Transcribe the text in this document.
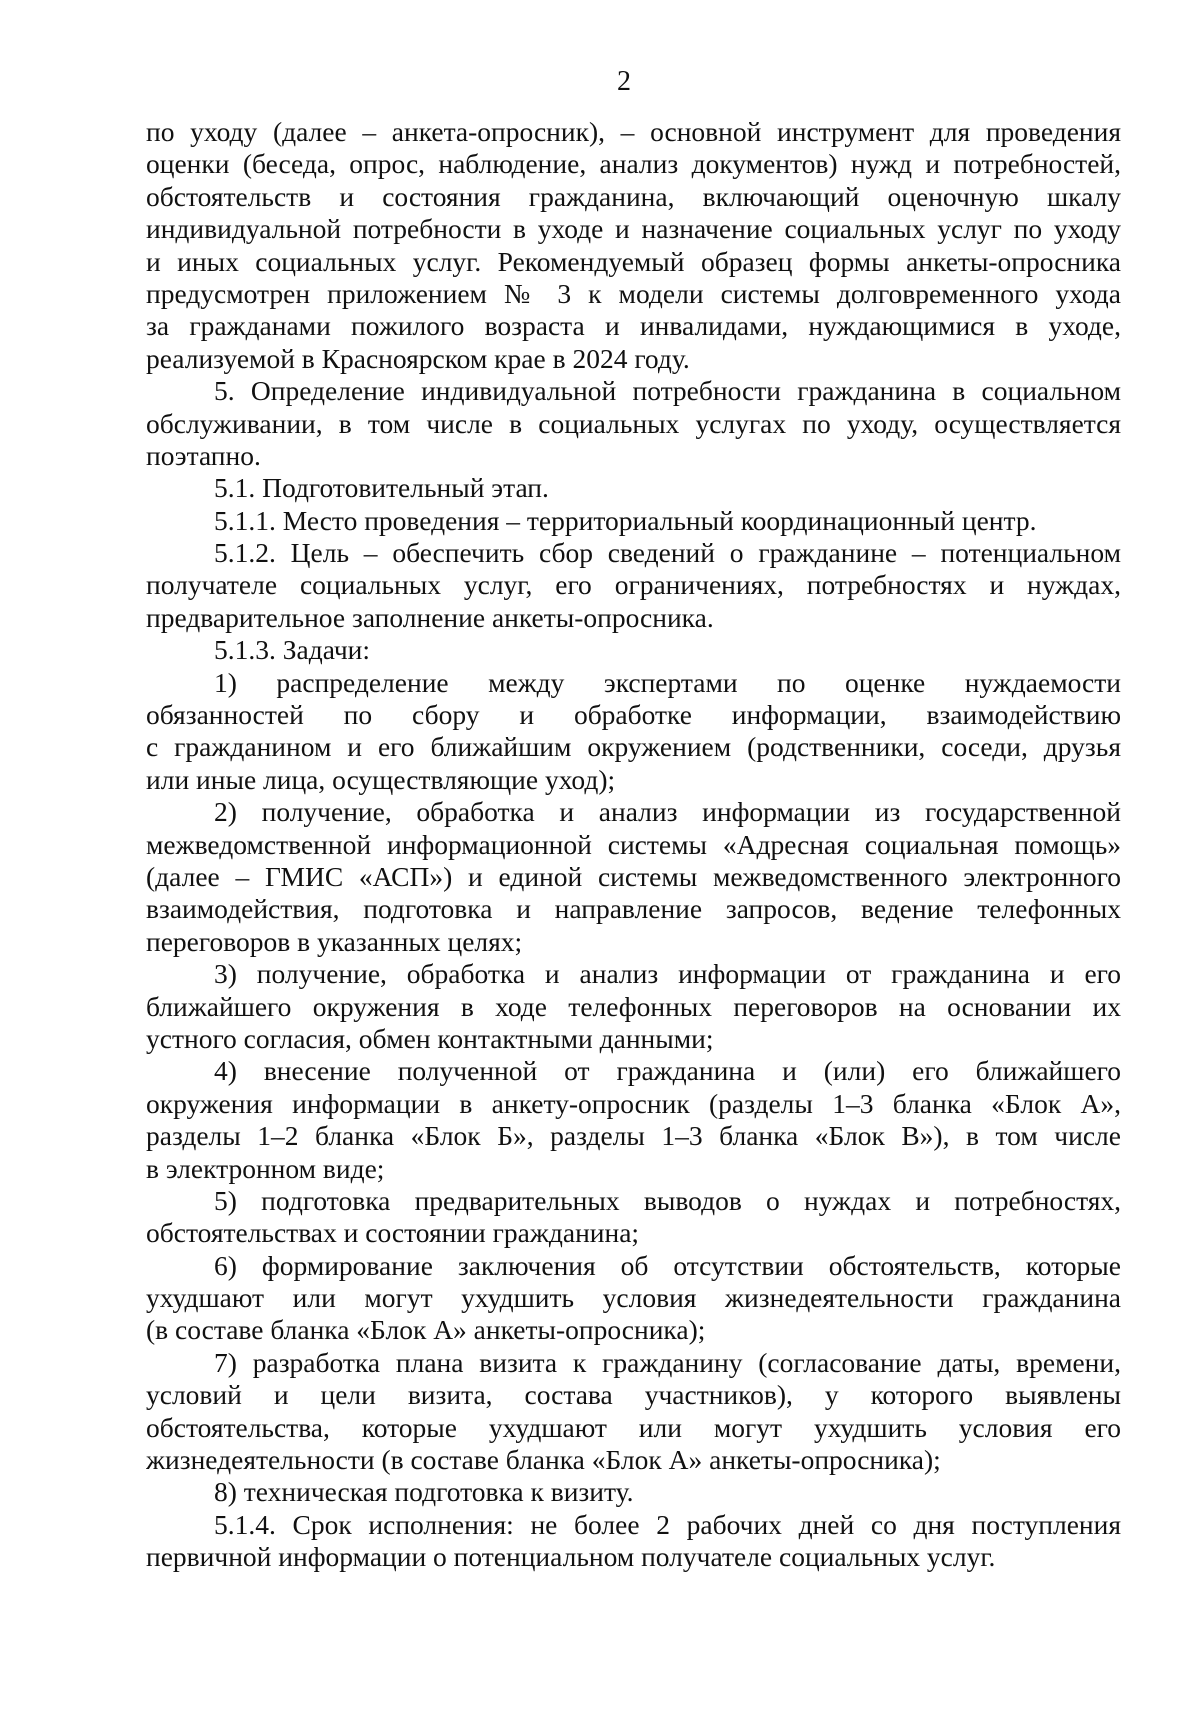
2
по уходу (далее – анкета-опросник), – основной инструмент для проведения
оценки (беседа, опрос, наблюдение, анализ документов) нужд и потребностей,
обстоятельств и состояния гражданина, включающий оценочную шкалу
индивидуальной потребности в уходе и назначение социальных услуг по уходу
и иных социальных услуг. Рекомендуемый образец формы анкеты-опросника
предусмотрен приложением № 3 к модели системы долговременного ухода
за гражданами пожилого возраста и инвалидами, нуждающимися в уходе,
реализуемой в Красноярском крае в 2024 году.
5. Определение индивидуальной потребности гражданина в социальном
обслуживании, в том числе в социальных услугах по уходу, осуществляется
поэтапно.
5.1. Подготовительный этап.
5.1.1. Место проведения – территориальный координационный центр.
5.1.2. Цель – обеспечить сбор сведений о гражданине – потенциальном
получателе социальных услуг, его ограничениях, потребностях и нуждах,
предварительное заполнение анкеты-опросника.
5.1.3. Задачи:
1) распределение между экспертами по оценке нуждаемости
обязанностей по сбору и обработке информации, взаимодействию
с гражданином и его ближайшим окружением (родственники, соседи, друзья
или иные лица, осуществляющие уход);
2) получение, обработка и анализ информации из государственной
межведомственной информационной системы «Адресная социальная помощь»
(далее – ГМИС «АСП») и единой системы межведомственного электронного
взаимодействия, подготовка и направление запросов, ведение телефонных
переговоров в указанных целях;
3) получение, обработка и анализ информации от гражданина и его
ближайшего окружения в ходе телефонных переговоров на основании их
устного согласия, обмен контактными данными;
4) внесение полученной от гражданина и (или) его ближайшего
окружения информации в анкету-опросник (разделы 1–3 бланка «Блок А»,
разделы 1–2 бланка «Блок Б», разделы 1–3 бланка «Блок В»), в том числе
в электронном виде;
5) подготовка предварительных выводов о нуждах и потребностях,
обстоятельствах и состоянии гражданина;
6) формирование заключения об отсутствии обстоятельств, которые
ухудшают или могут ухудшить условия жизнедеятельности гражданина
(в составе бланка «Блок А» анкеты-опросника);
7) разработка плана визита к гражданину (согласование даты, времени,
условий и цели визита, состава участников), у которого выявлены
обстоятельства, которые ухудшают или могут ухудшить условия его
жизнедеятельности (в составе бланка «Блок А» анкеты-опросника);
8) техническая подготовка к визиту.
5.1.4. Срок исполнения: не более 2 рабочих дней со дня поступления
первичной информации о потенциальном получателе социальных услуг.
